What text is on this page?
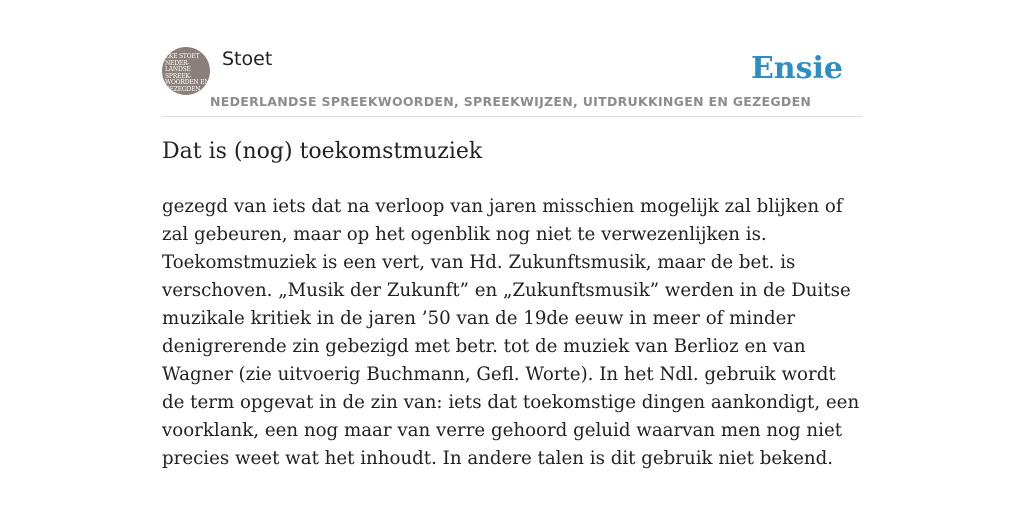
LKE STOET
NEDER-
LANDSE
SPREEK-
WOORDEN EN
GEZEGDEN
Stoet
NEDERLANDSE SPREEKWOORDEN, SPREEKWIJZEN, UITDRUKKINGEN EN GEZEGDEN
Ensie
Dat is (nog) toekomstmuziek

gezegd van iets dat na verloop van jaren misschien mogelijk zal blijken of zal gebeuren, maar op het ogenblik nog niet te verwezenlijken is. Toekomstmuziek is een vert, van Hd. Zukunftsmusik, maar de bet. is verschoven. „Musik der Zukunft” en „Zukunftsmusik” werden in de Duitse muzikale kritiek in de jaren ’50 van de 19de eeuw in meer of minder denigrerende zin gebezigd met betr. tot de muziek van Berlioz en van Wagner (zie uitvoerig Buchmann, Gefl. Worte). In het Ndl. gebruik wordt de term opgevat in de zin van: iets dat toekomstige dingen aankondigt, een voorklank, een nog maar van verre gehoord geluid waarvan men nog niet precies weet wat het inhoudt. In andere talen is dit gebruik niet bekend.
